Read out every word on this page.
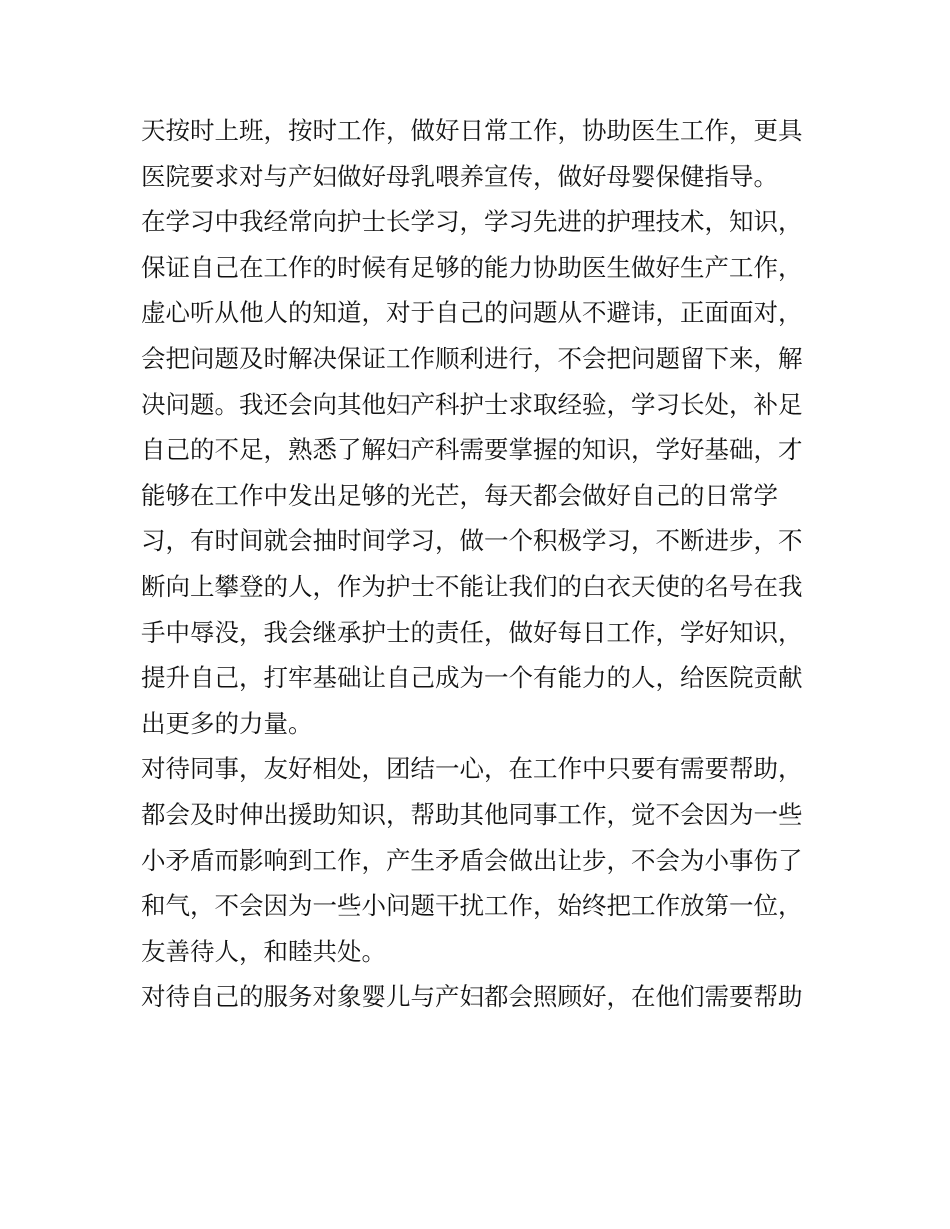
天按时上班，按时工作，做好日常工作，协助医生工作，更具
医院要求对与产妇做好母乳喂养宣传，做好母婴保健指导。
在学习中我经常向护士长学习，学习先进的护理技术，知识，
保证自己在工作的时候有足够的能力协助医生做好生产工作，
虚心听从他人的知道，对于自己的问题从不避讳，正面面对，
会把问题及时解决保证工作顺利进行，不会把问题留下来，解
决问题。我还会向其他妇产科护士求取经验，学习长处，补足
自己的不足，熟悉了解妇产科需要掌握的知识，学好基础，才
能够在工作中发出足够的光芒，每天都会做好自己的日常学
习，有时间就会抽时间学习，做一个积极学习，不断进步，不
断向上攀登的人，作为护士不能让我们的白衣天使的名号在我
手中辱没，我会继承护士的责任，做好每日工作，学好知识，
提升自己，打牢基础让自己成为一个有能力的人，给医院贡献
出更多的力量。
对待同事，友好相处，团结一心，在工作中只要有需要帮助，
都会及时伸出援助知识，帮助其他同事工作，觉不会因为一些
小矛盾而影响到工作，产生矛盾会做出让步，不会为小事伤了
和气，不会因为一些小问题干扰工作，始终把工作放第一位，
友善待人，和睦共处。
对待自己的服务对象婴儿与产妇都会照顾好，在他们需要帮助
